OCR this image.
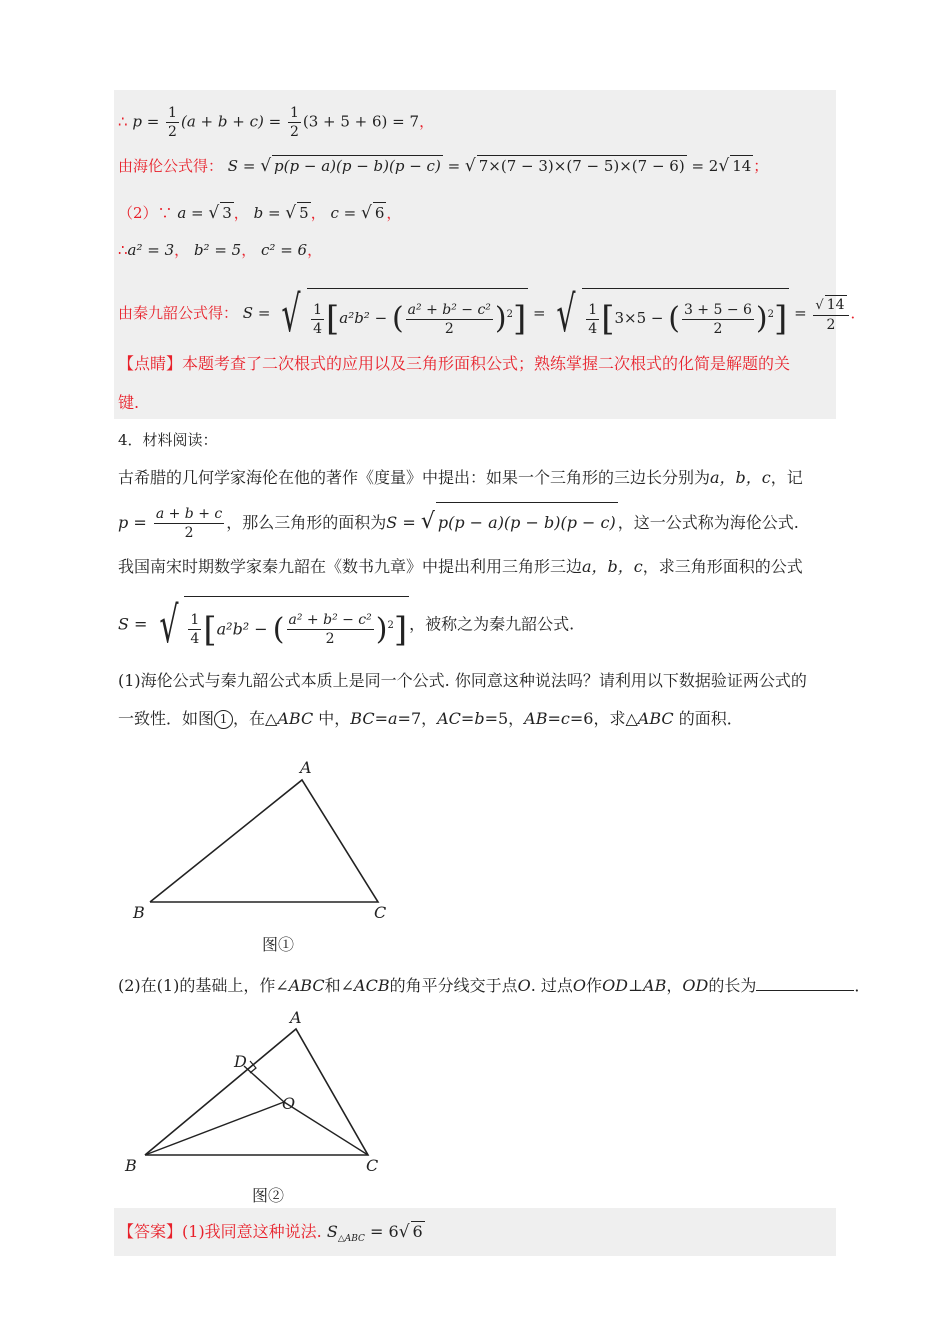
∴ $p = \frac{1}{2} (a + b + c) = \frac{1}{2} (3 + 5 + 6) = 7$，
由海伦公式得： S = √ p(p − a)(p − b)(p − c) = √ 7×(7 − 3)×(7 − 5)×(7 − 6) = 2√ 14 ；
（2）∵ a = √ 3 ， b = √ 5 ， c = √ 6 ，
∴a² = 3， b² = 5， c² = 6，
由秦九韶公式得： S = √ $\frac{1}{4} [a^2b^2$ − ( $\frac{\text{a² + b² − c²}}{2} )^2$] = √ $\frac{1}{4} [3\times 5$ − ( $\frac{3 + 5 - 6}{2} )^2] = \frac{√ 14}{2}$ ．
【点睛】本题考查了二次根式的应用以及三角形面积公式；熟练掌握二次根式的化简是解题的关
键.
4．材料阅读：
古希腊的几何学家海伦在他的著作《度量》中提出：如果一个三角形的三边长分别为a，b，c，记
$p = \frac{a + b + c}{2}$ ，那么三角形的面积为S = √ p(p − a)(p − b)(p − c) ，这一公式称为海伦公式.
我国南宋时期数学家秦九韶在《数书九章》中提出利用三角形三边a，b，c，求三角形面积的公式
S = √ $\frac{1}{4} [a^2b^2$ − ( $\frac{\text{a² + b² − c²}}{2} )^2$] ，被称之为秦九韶公式.
(1)海伦公式与秦九韶公式本质上是同一个公式. 你同意这种说法吗？请利用以下数据验证两公式的
一致性．如图 1 ，在△ABC 中，BC=a=7，AC=b=5，AB=c=6，求△ABC 的面积．
A
B	C
图①
(2)在(1)的基础上，作∠ABC和∠ACB的角平分线交于点O. 过点O作OD⊥AB，OD的长为	．
A
B	C
D
O
图②
【答案】(1)我同意这种说法. $S_{\triangle ABC} = 6√$ 6
